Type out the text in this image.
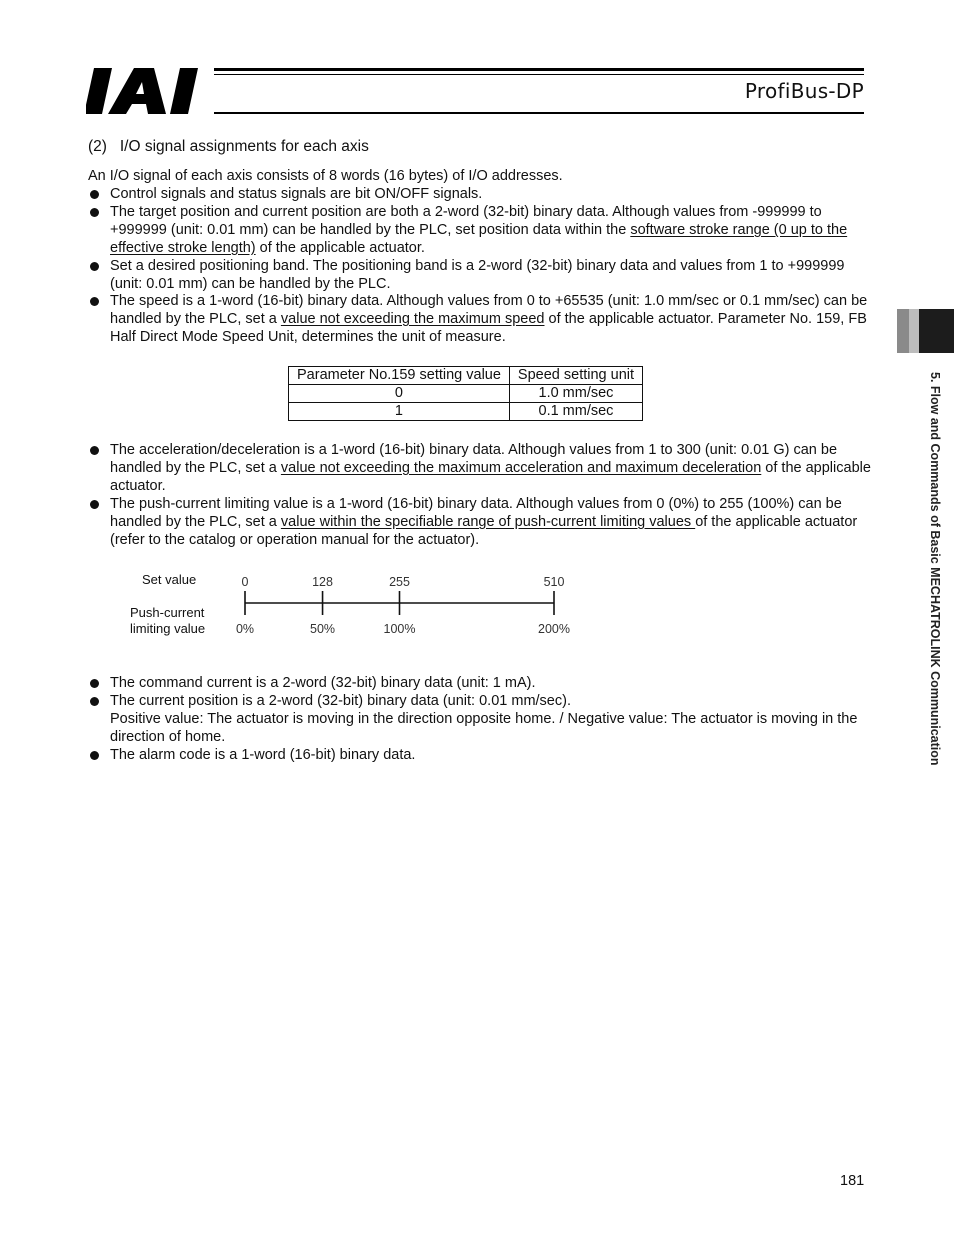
ProfiBus-DP
5. Flow and Commands of Basic MECHATROLINK Communication
(2)   I/O signal assignments for each axis
An I/O signal of each axis consists of 8 words (16 bytes) of I/O addresses.
Control signals and status signals are bit ON/OFF signals.
The target position and current position are both a 2-word (32-bit) binary data. Although values from -999999 to +999999 (unit: 0.01 mm) can be handled by the PLC, set position data within the software stroke range (0 up to the effective stroke length) of the applicable actuator.
Set a desired positioning band. The positioning band is a 2-word (32-bit) binary data and values from 1 to +999999 (unit: 0.01 mm) can be handled by the PLC.
The speed is a 1-word (16-bit) binary data. Although values from 0 to +65535 (unit: 1.0 mm/sec or 0.1 mm/sec) can be handled by the PLC, set a value not exceeding the maximum speed of the applicable actuator. Parameter No. 159, FB Half Direct Mode Speed Unit, determines the unit of measure.
Parameter No.159 setting value	Speed setting unit
0	1.0 mm/sec
1	0.1 mm/sec
The acceleration/deceleration is a 1-word (16-bit) binary data. Although values from 1 to 300 (unit: 0.01 G) can be handled by the PLC, set a value not exceeding the maximum acceleration and maximum deceleration of the applicable actuator.
The push-current limiting value is a 1-word (16-bit) binary data. Although values from 0 (0%) to 255 (100%) can be handled by the PLC, set a value within the specifiable range of push-current limiting values of the applicable actuator (refer to the catalog or operation manual for the actuator).
Set value
Push-current
limiting value
0
0%
128
50%
255
100%
510
200%
The command current is a 2-word (32-bit) binary data (unit: 1 mA).
The current position is a 2-word (32-bit) binary data (unit: 0.01 mm/sec).
Positive value: The actuator is moving in the direction opposite home. / Negative value: The actuator is moving in the direction of home.
The alarm code is a 1-word (16-bit) binary data.
181
